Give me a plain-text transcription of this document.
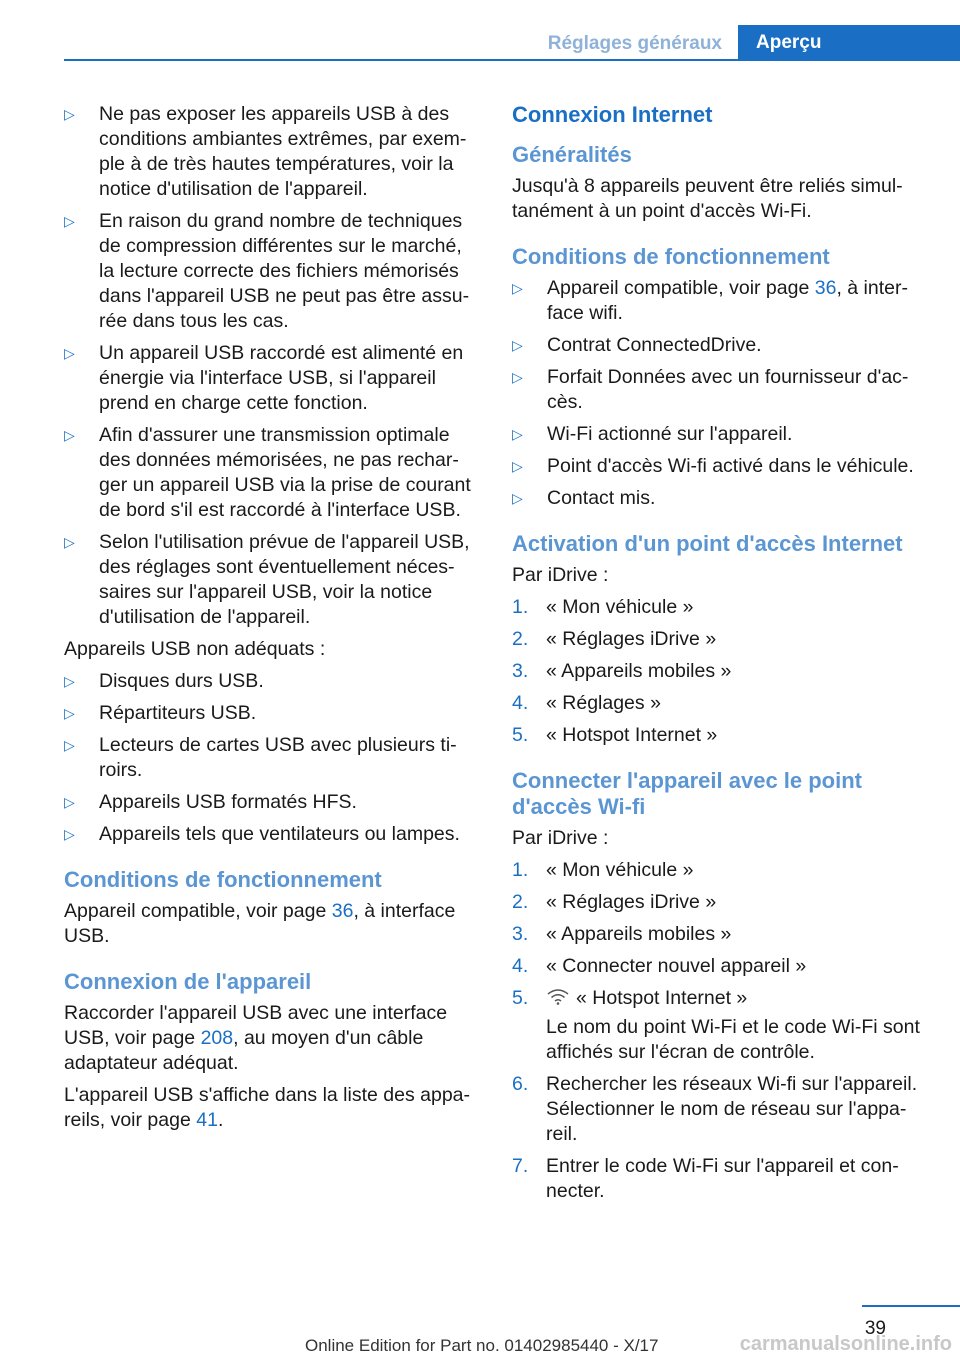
Réglages généraux	Aperçu
▷ Ne pas exposer les appareils USB à des conditions ambiantes extrêmes, par exem‐ ple à de très hautes températures, voir la notice d'utilisation de l'appareil.
▷ En raison du grand nombre de techniques de compression différentes sur le marché, la lecture correcte des fichiers mémorisés dans l'appareil USB ne peut pas être assu‐ rée dans tous les cas.
▷ Un appareil USB raccordé est alimenté en énergie via l'interface USB, si l'appareil prend en charge cette fonction.
▷ Afin d'assurer une transmission optimale des données mémorisées, ne pas rechar‐ ger un appareil USB via la prise de courant de bord s'il est raccordé à l'interface USB.
▷ Selon l'utilisation prévue de l'appareil USB, des réglages sont éventuellement néces‐ saires sur l'appareil USB, voir la notice d'utilisation de l'appareil.

Appareils USB non adéquats :

▷ Disques durs USB.
▷ Répartiteurs USB.
▷ Lecteurs de cartes USB avec plusieurs ti‐ roirs.
▷ Appareils USB formatés HFS.
▷ Appareils tels que ventilateurs ou lampes.
Conditions de fonctionnement

Appareil compatible, voir page 36, à interface USB.

Connexion de l'appareil

Raccorder l'appareil USB avec une interface USB, voir page 208, au moyen d'un câble adaptateur adéquat.

L'appareil USB s'affiche dans la liste des appa‐ reils, voir page 41.

Connexion Internet
Généralités

Jusqu'à 8 appareils peuvent être reliés simul‐ tanément à un point d'accès Wi-Fi.

Conditions de fonctionnement
▷ Appareil compatible, voir page 36, à inter‐ face wifi.
▷ Contrat ConnectedDrive.
▷ Forfait Données avec un fournisseur d'ac‐ cès.
▷ Wi-Fi actionné sur l'appareil.
▷ Point d'accès Wi-fi activé dans le véhicule.
▷ Contact mis.
Activation d'un point d'accès Internet

Par iDrive :

1. « Mon véhicule »
2. « Réglages iDrive »
3. « Appareils mobiles »
4. « Réglages »
5. « Hotspot Internet »
Connecter l'appareil avec le point d'accès Wi-fi

Par iDrive :

1. « Mon véhicule »
2. « Réglages iDrive »
3. « Appareils mobiles »
4. « Connecter nouvel appareil »
5. « Hotspot Internet »
Le nom du point Wi-Fi et le code Wi-Fi sont affichés sur l'écran de contrôle.
6. Rechercher les réseaux Wi-fi sur l'appareil. Sélectionner le nom de réseau sur l'appa‐ reil.
7. Entrer le code Wi-Fi sur l'appareil et con‐ necter.
39
Online Edition for Part no. 01402985440 - X/17	carmanualsonline.info
